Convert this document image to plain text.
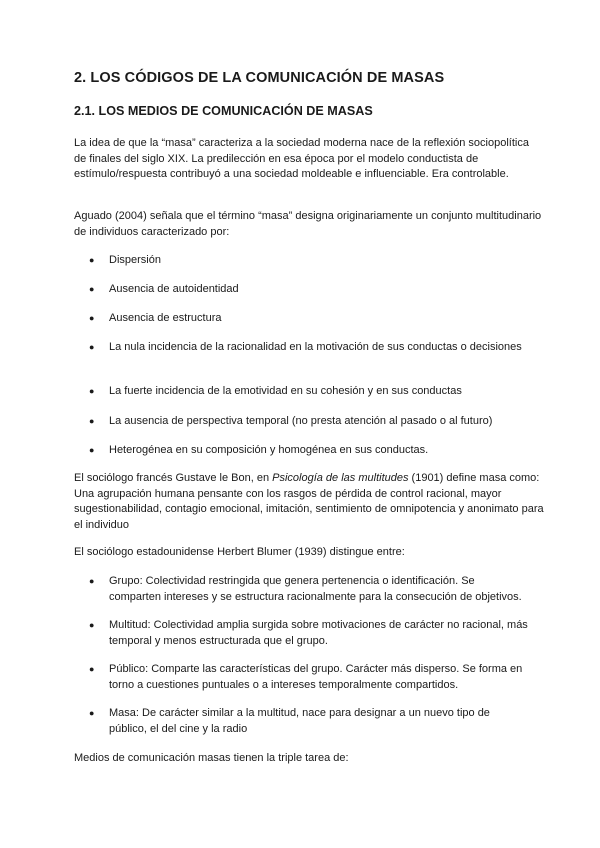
2. LOS CÓDIGOS DE LA COMUNICACIÓN DE MASAS
2.1. LOS MEDIOS DE COMUNICACIÓN DE MASAS
La idea de que la “masa” caracteriza a la sociedad moderna nace de la reflexión sociopolítica de finales del siglo XIX. La predilección en esa época por el modelo conductista de estímulo/respuesta contribuyó a una sociedad moldeable e influenciable. Era controlable.
Aguado (2004) señala que el término “masa” designa originariamente un conjunto multitudinario de individuos caracterizado por:
● Dispersión
● Ausencia de autoidentidad
● Ausencia de estructura
● La nula incidencia de la racionalidad en la motivación de sus conductas o decisiones
● La fuerte incidencia de la emotividad en su cohesión y en sus conductas
● La ausencia de perspectiva temporal (no presta atención al pasado o al futuro)
● Heterogénea en su composición y homogénea en sus conductas.
El sociólogo francés Gustave le Bon, en Psicología de las multitudes (1901) define masa como: Una agrupación humana pensante con los rasgos de pérdida de control racional, mayor sugestionabilidad, contagio emocional, imitación, sentimiento de omnipotencia y anonimato para el individuo
El sociólogo estadounidense Herbert Blumer (1939) distingue entre:
● Grupo: Colectividad restringida que genera pertenencia o identificación. Se comparten intereses y se estructura racionalmente para la consecución de objetivos.
● Multitud: Colectividad amplia surgida sobre motivaciones de carácter no racional, más temporal y menos estructurada que el grupo.
● Público: Comparte las características del grupo. Carácter más disperso. Se forma en torno a cuestiones puntuales o a intereses temporalmente compartidos.
● Masa: De carácter similar a la multitud, nace para designar a un nuevo tipo de público, el del cine y la radio
Medios de comunicación masas tienen la triple tarea de:
